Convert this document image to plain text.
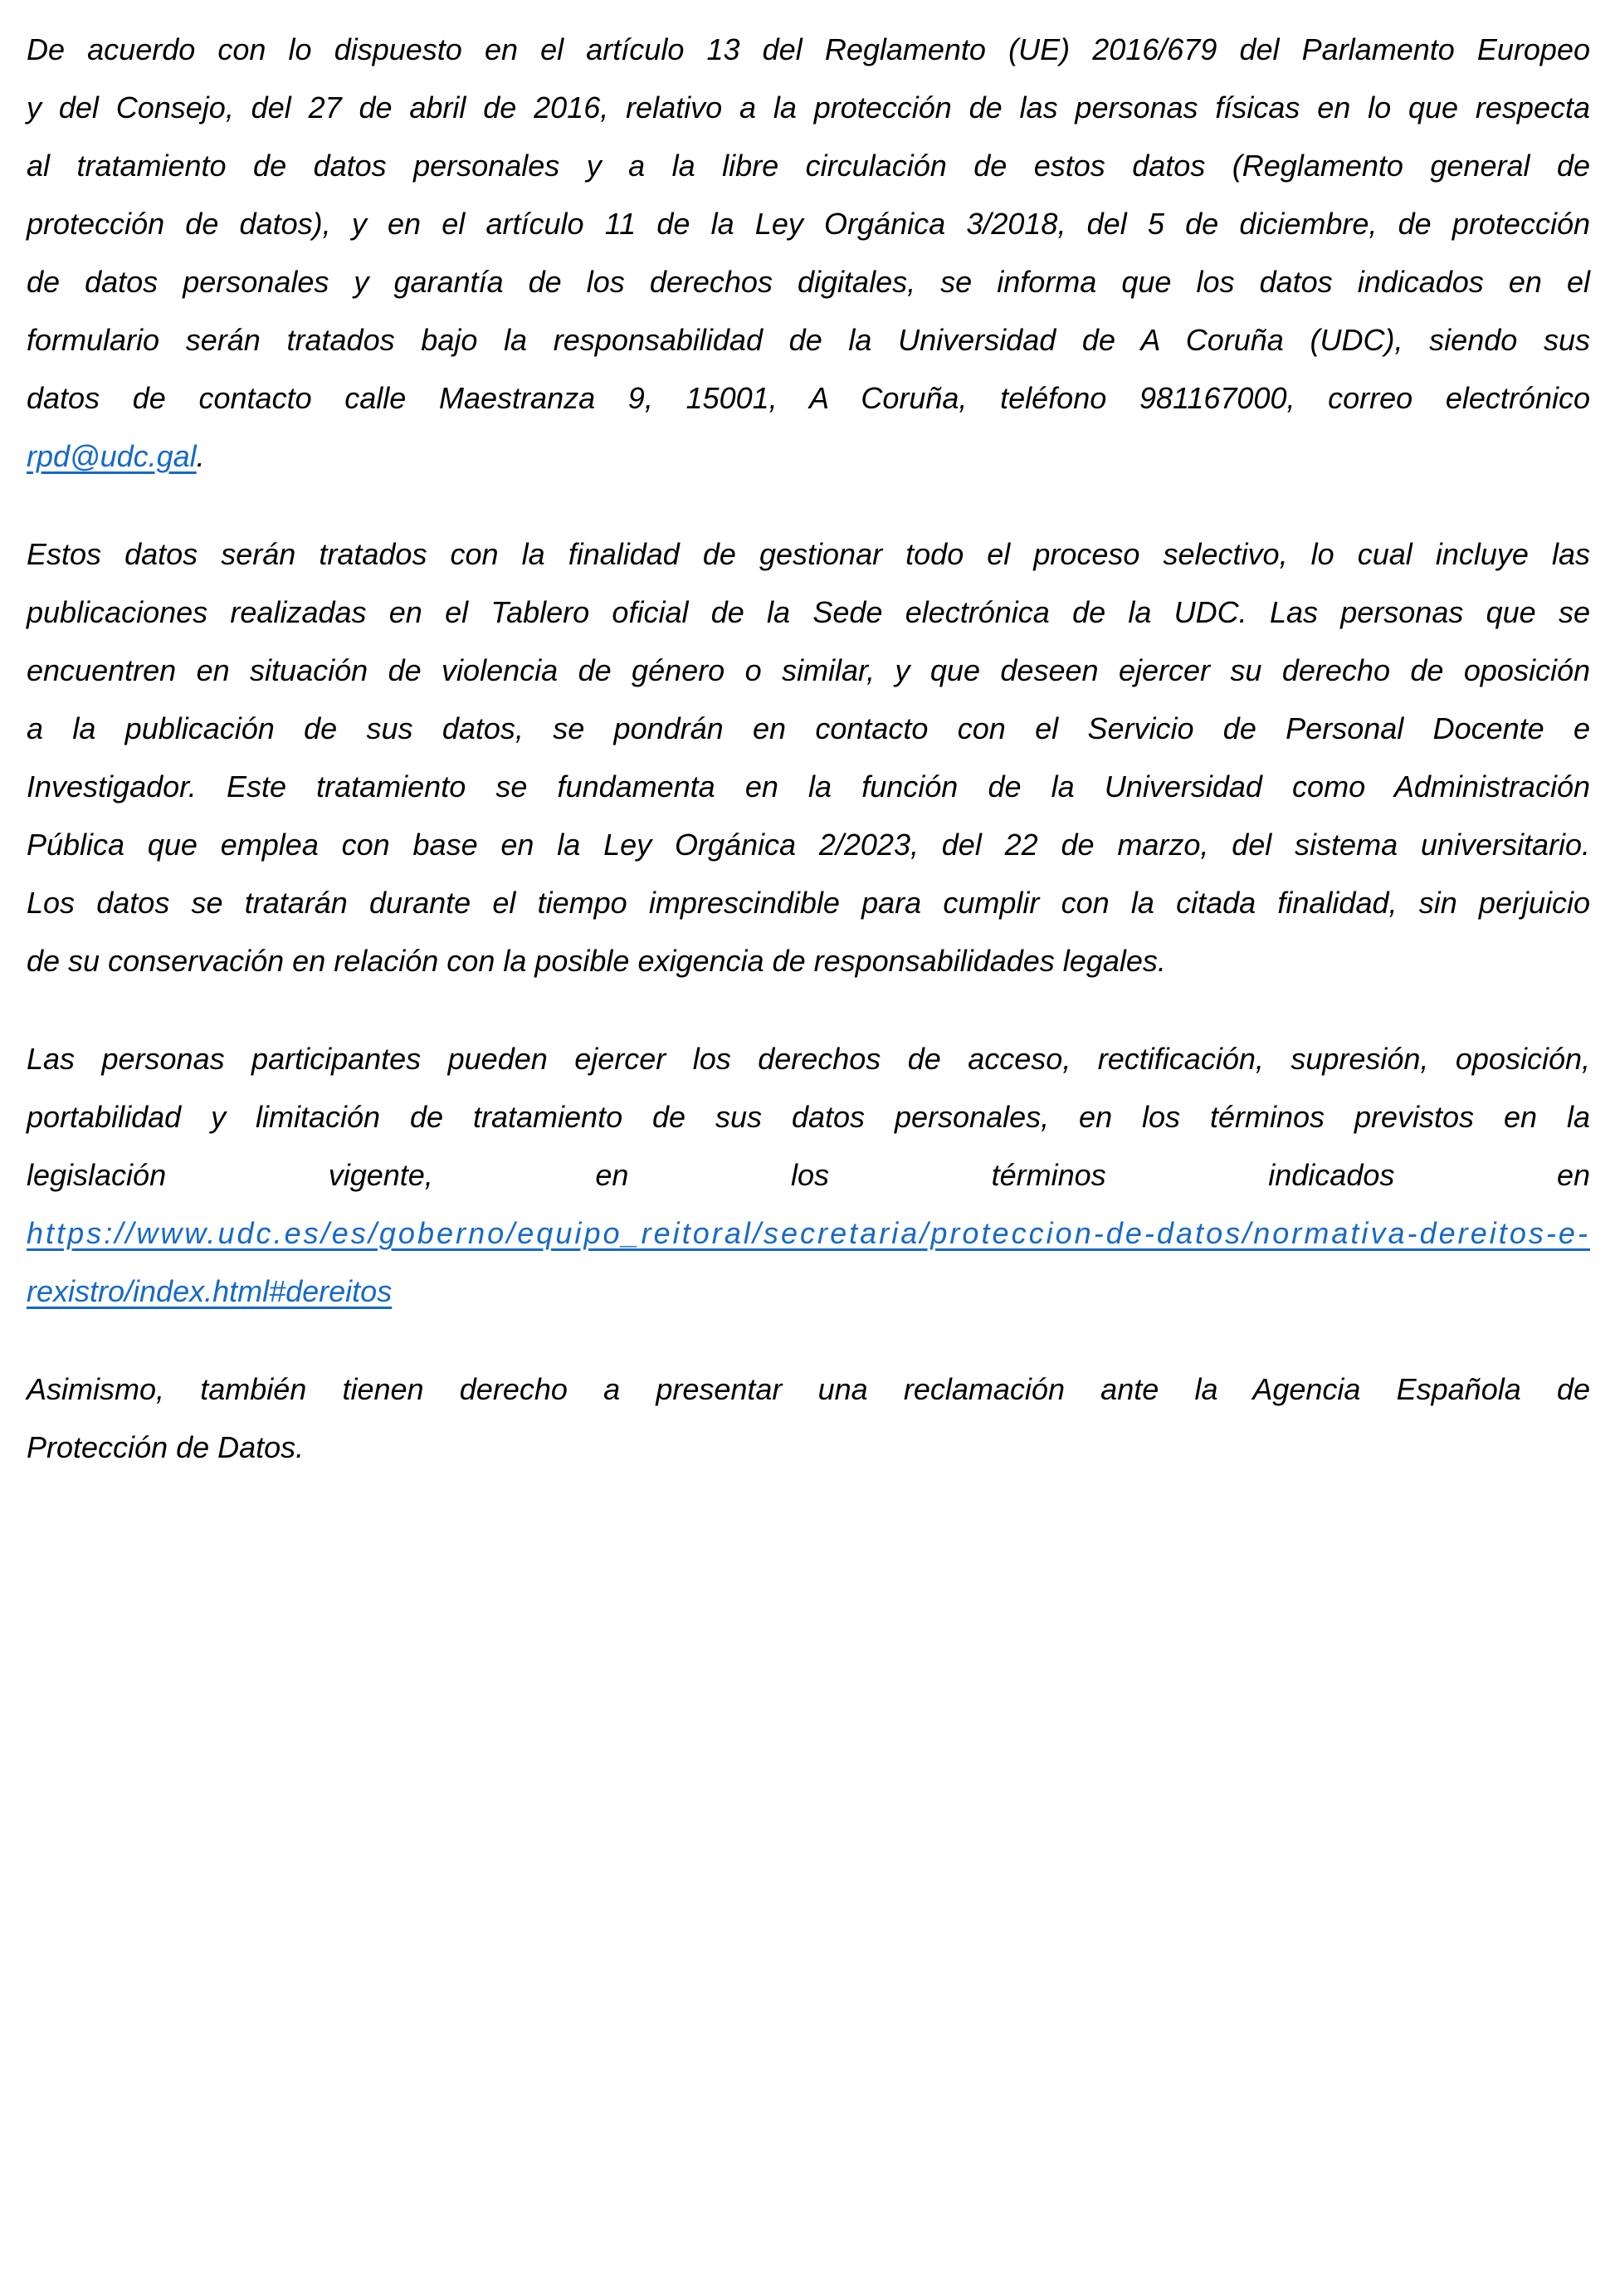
De acuerdo con lo dispuesto en el artículo 13 del Reglamento (UE) 2016/679 del Parlamento Europeo
y del Consejo, del 27 de abril de 2016, relativo a la protección de las personas físicas en lo que respecta
al tratamiento de datos personales y a la libre circulación de estos datos (Reglamento general de
protección de datos), y en el artículo 11 de la Ley Orgánica 3/2018, del 5 de diciembre, de protección
de datos personales y garantía de los derechos digitales, se informa que los datos indicados en el
formulario serán tratados bajo la responsabilidad de la Universidad de A Coruña (UDC), siendo sus
datos de contacto calle Maestranza 9, 15001, A Coruña, teléfono 981167000, correo electrónico
rpd@udc.gal.
Estos datos serán tratados con la finalidad de gestionar todo el proceso selectivo, lo cual incluye las
publicaciones realizadas en el Tablero oficial de la Sede electrónica de la UDC. Las personas que se
encuentren en situación de violencia de género o similar, y que deseen ejercer su derecho de oposición
a la publicación de sus datos, se pondrán en contacto con el Servicio de Personal Docente e
Investigador. Este tratamiento se fundamenta en la función de la Universidad como Administración
Pública que emplea con base en la Ley Orgánica 2/2023, del 22 de marzo, del sistema universitario.
Los datos se tratarán durante el tiempo imprescindible para cumplir con la citada finalidad, sin perjuicio
de su conservación en relación con la posible exigencia de responsabilidades legales.
Las personas participantes pueden ejercer los derechos de acceso, rectificación, supresión, oposición,
portabilidad y limitación de tratamiento de sus datos personales, en los términos previstos en la
legislación vigente, en los términos indicados en
https://www.udc.es/es/goberno/equipo_reitoral/secretaria/proteccion-de-datos/normativa-dereitos-e-
rexistro/index.html#dereitos
Asimismo, también tienen derecho a presentar una reclamación ante la Agencia Española de
Protección de Datos.
